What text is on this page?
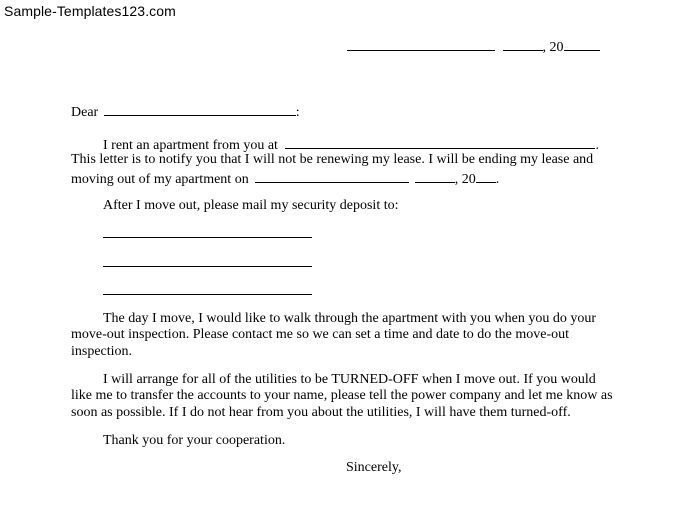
Sample-Templates123.com
, 20
Dear	:
I rent an apartment from you at	.
This letter is to notify you that I will not be renewing my lease. I will be ending my lease and
moving out of my apartment on	, 20 .
After I move out, please mail my security deposit to:
The day I move, I would like to walk through the apartment with you when you do your
move-out inspection. Please contact me so we can set a time and date to do the move-out
inspection.
I will arrange for all of the utilities to be TURNED-OFF when I move out. If you would
like me to transfer the accounts to your name, please tell the power company and let me know as
soon as possible. If I do not hear from you about the utilities, I will have them turned-off.
Thank you for your cooperation.
Sincerely,
